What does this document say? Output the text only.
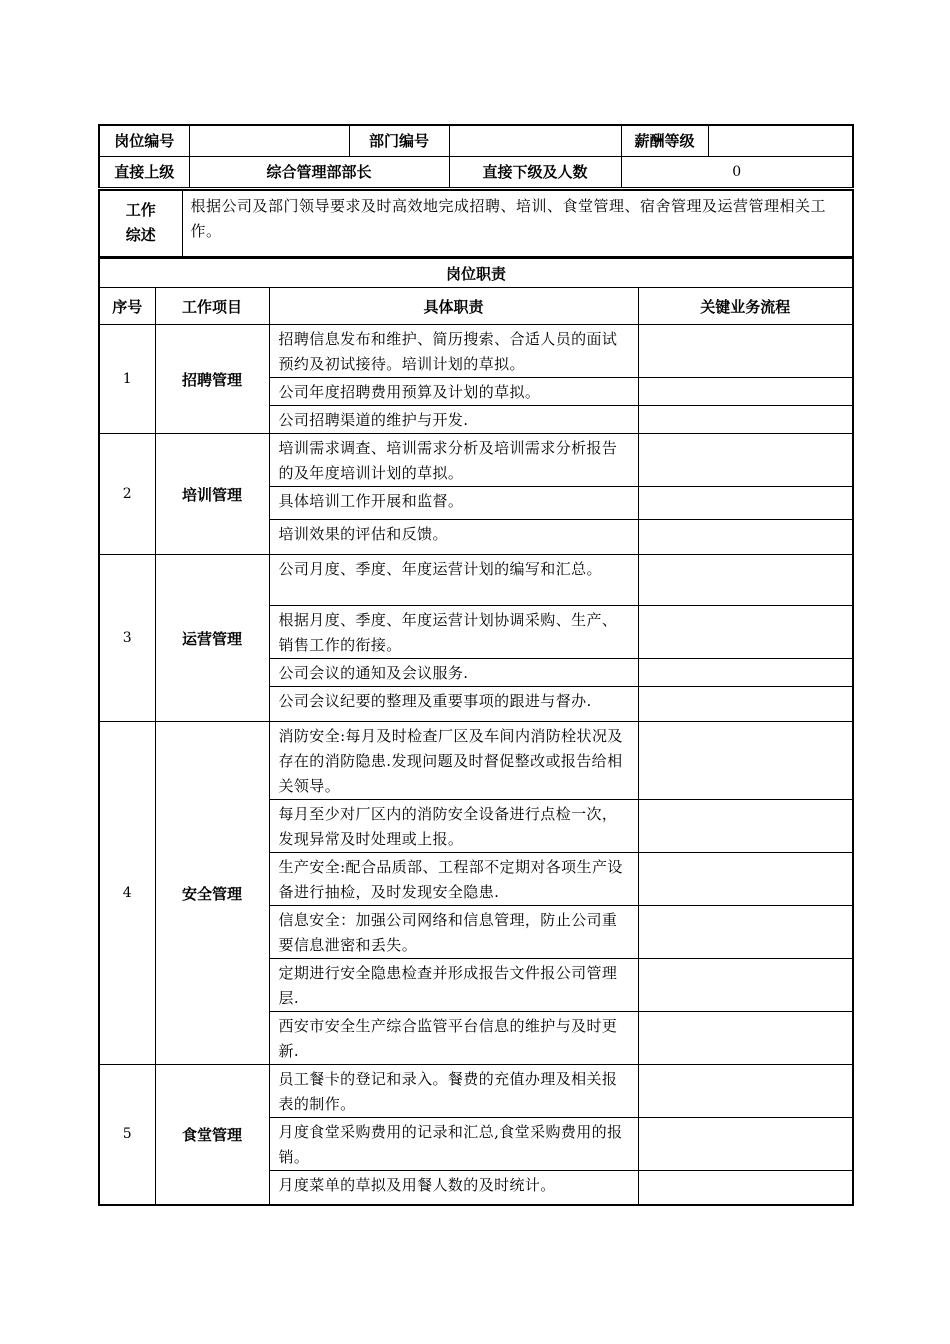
岗位编号		部门编号		薪酬等级	
直接上级	综合管理部部长		直接下级及人数	0	
工作
综述	根据公司及部门领导要求及时高效地完成招聘、培训、食堂管理、宿舍管理及运营管理相关工作。
岗位职责			
序号	工作项目	具体职责	关键业务流程
1	招聘管理	招聘信息发布和维护、简历搜索、合适人员的面试预约及初试接待。培训计划的草拟。	
		公司年度招聘费用预算及计划的草拟。	
		公司招聘渠道的维护与开发.	
2	培训管理	培训需求调查、培训需求分析及培训需求分析报告的及年度培训计划的草拟。	
		具体培训工作开展和监督。	
		培训效果的评估和反馈。	
3	运营管理	公司月度、季度、年度运营计划的编写和汇总。	
		根据月度、季度、年度运营计划协调采购、生产、销售工作的衔接。	
		公司会议的通知及会议服务.	
		公司会议纪要的整理及重要事项的跟进与督办.	
4	安全管理	消防安全:每月及时检查厂区及车间内消防栓状况及存在的消防隐患.发现问题及时督促整改或报告给相关领导。	
		每月至少对厂区内的消防安全设备进行点检一次，发现异常及时处理或上报。	
		生产安全:配合品质部、工程部不定期对各项生产设备进行抽检，及时发现安全隐患.	
		信息安全：加强公司网络和信息管理，防止公司重要信息泄密和丢失。	
		定期进行安全隐患检查并形成报告文件报公司管理层.	
		西安市安全生产综合监管平台信息的维护与及时更新.	
5	食堂管理	员工餐卡的登记和录入。餐费的充值办理及相关报表的制作。	
		月度食堂采购费用的记录和汇总,食堂采购费用的报销。	
		月度菜单的草拟及用餐人数的及时统计。	
